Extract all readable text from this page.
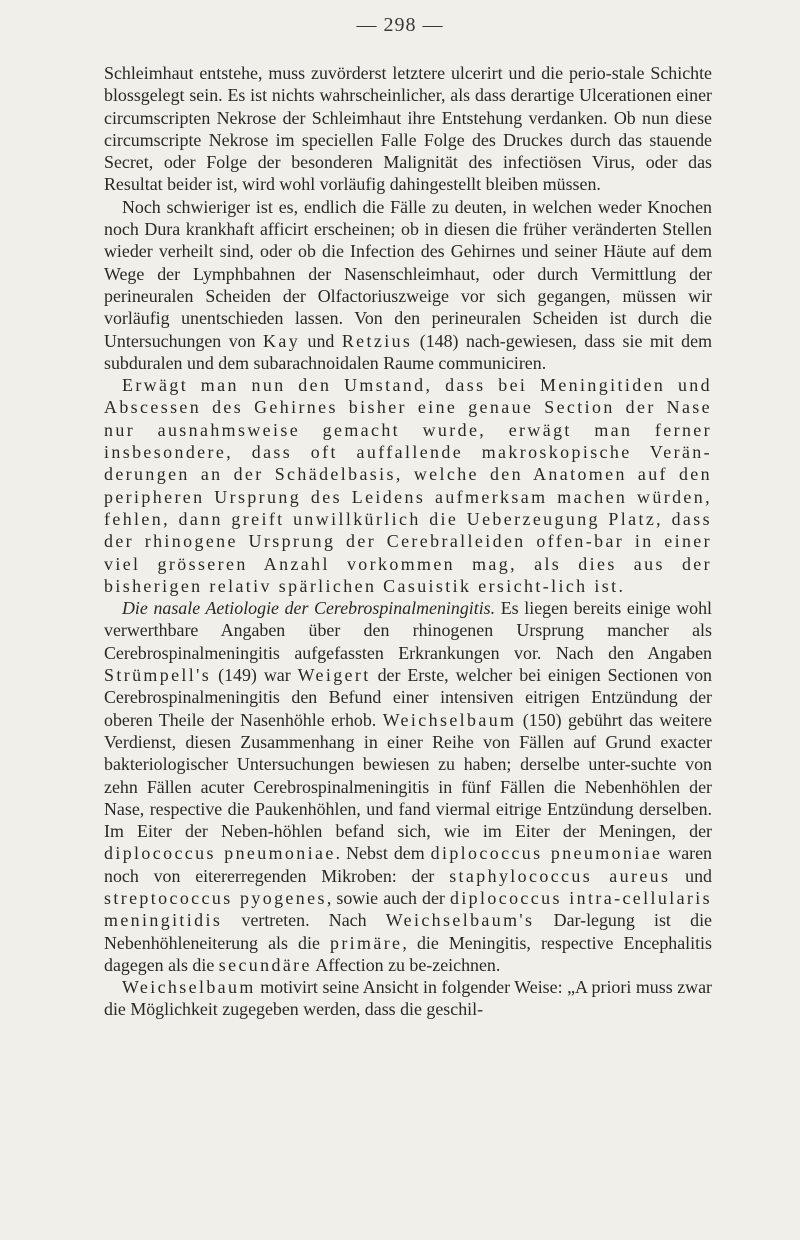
— 298 —

Schleimhaut entstehe, muss zuvörderst letztere ulcerirt und die perio-stale Schichte blossgelegt sein. Es ist nichts wahrscheinlicher, als dass derartige Ulcerationen einer circumscripten Nekrose der Schleimhaut ihre Entstehung verdanken. Ob nun diese circumscripte Nekrose im speciellen Falle Folge des Druckes durch das stauende Secret, oder Folge der besonderen Malignität des infectiösen Virus, oder das Resultat beider ist, wird wohl vorläufig dahingestellt bleiben müssen.

Noch schwieriger ist es, endlich die Fälle zu deuten, in welchen weder Knochen noch Dura krankhaft afficirt erscheinen; ob in diesen die früher veränderten Stellen wieder verheilt sind, oder ob die Infection des Gehirnes und seiner Häute auf dem Wege der Lymphbahnen der Nasenschleimhaut, oder durch Vermittlung der perineuralen Scheiden der Olfactoriuszweige vor sich gegangen, müssen wir vorläufig unentschieden lassen. Von den perineuralen Scheiden ist durch die Untersuchungen von Kay und Retzius (148) nach-gewiesen, dass sie mit dem subduralen und dem subarachnoidalen Raume communiciren.

Erwägt man nun den Umstand, dass bei Meningitiden und Abscessen des Gehirnes bisher eine genaue Section der Nase nur ausnahmsweise gemacht wurde, erwägt man ferner insbesondere, dass oft auffallende makroskopische Verän-derungen an der Schädelbasis, welche den Anatomen auf den peripheren Ursprung des Leidens aufmerksam machen würden, fehlen, dann greift unwillkürlich die Ueberzeugung Platz, dass der rhinogene Ursprung der Cerebralleiden offen-bar in einer viel grösseren Anzahl vorkommen mag, als dies aus der bisherigen relativ spärlichen Casuistik ersicht-lich ist.

Die nasale Aetiologie der Cerebrospinalmeningitis. Es liegen bereits einige wohl verwerthbare Angaben über den rhinogenen Ursprung mancher als Cerebrospinalmeningitis aufgefassten Erkrankungen vor. Nach den Angaben Strümpell's (149) war Weigert der Erste, welcher bei einigen Sectionen von Cerebrospinalmeningitis den Befund einer intensiven eitrigen Entzündung der oberen Theile der Nasenhöhle erhob. Weichselbaum (150) gebührt das weitere Verdienst, diesen Zusammenhang in einer Reihe von Fällen auf Grund exacter bakteriologischer Untersuchungen bewiesen zu haben; derselbe unter-suchte von zehn Fällen acuter Cerebrospinalmeningitis in fünf Fällen die Nebenhöhlen der Nase, respective die Paukenhöhlen, und fand viermal eitrige Entzündung derselben. Im Eiter der Neben-höhlen befand sich, wie im Eiter der Meningen, der diplococcus pneumoniae. Nebst dem diplococcus pneumoniae waren noch von eitererregenden Mikroben: der staphylococcus aureus und streptococcus pyogenes, sowie auch der diplococcus intra-cellularis meningitidis vertreten. Nach Weichselbaum's Dar-legung ist die Nebenhöhleneiterung als die primäre, die Meningitis, respective Encephalitis dagegen als die secundäre Affection zu be-zeichnen.

Weichselbaum motivirt seine Ansicht in folgender Weise: „A priori muss zwar die Möglichkeit zugegeben werden, dass die geschil-
